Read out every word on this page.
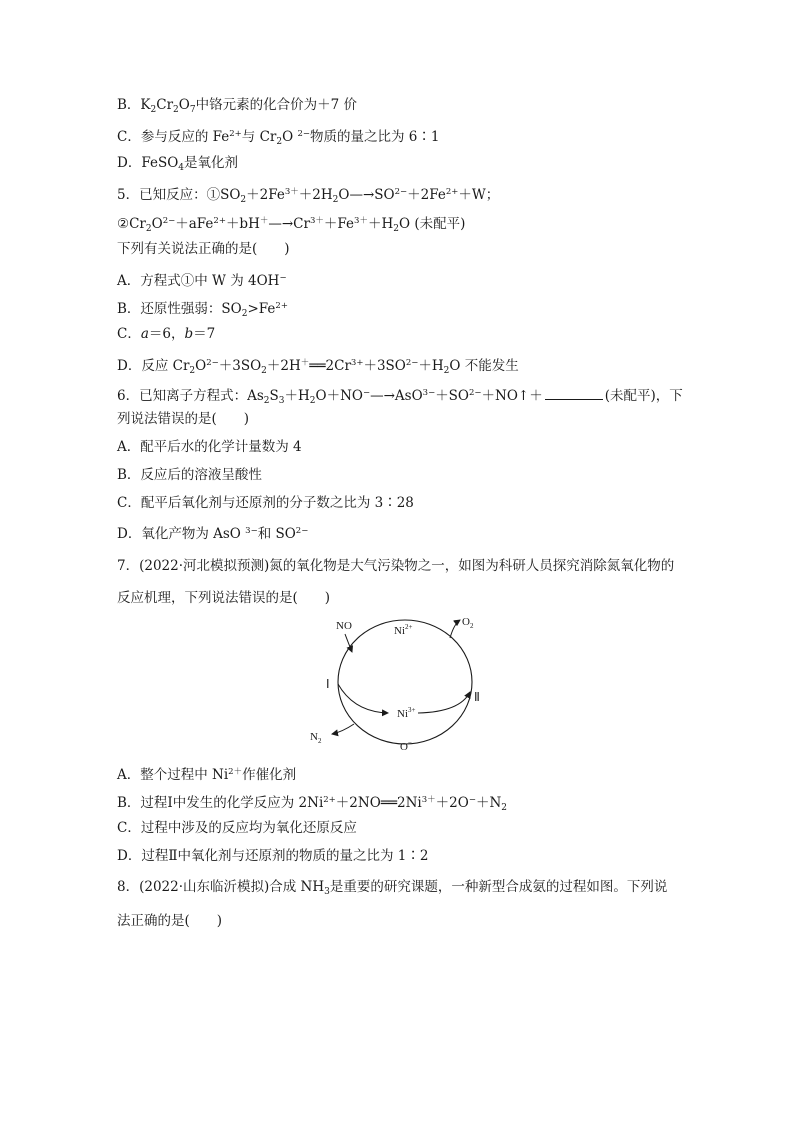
B．$K_2Cr_2O_7$中铬元素的化合价为＋7 价
C．参与反应的 $Fe^{2+}$与 $Cr_2O$ $^{2-}$物质的量之比为 6∶1
D．FeSO$_4$是氧化剂
5．已知反应：$①SO_2+2Fe^{3+}+2H_2O—\to SO^{2-}+2Fe^{2+}+W$；
$②Cr_2O^{2-}+aFe^{2+}+bH^+—\to Cr^{3+}+Fe^{3+}+H_2O$ (未配平)
下列有关说法正确的是(　　)
A．方程式①中 W 为 4OH−
B．还原性强弱：$SO_2>Fe^{2+}$
C．a＝6，b＝7
D．反应 $Cr_2O^{2-}+3SO_2+2H^+══2Cr^{3+}+3SO^{2-}+H_2O$ 不能发生
6．已知离子方程式：$As_2S_3+H_2O+NO^-—\to AsO^{3-}+SO^{2-}+NO↑+$	(未配平)，下
列说法错误的是(　　)
A．配平后水的化学计量数为 4
B．反应后的溶液呈酸性
C．配平后氧化剂与还原剂的分子数之比为 3∶28
D．氧化产物为 AsO $^{3-}$和 $SO^{2-}$
7．(2022·河北模拟预测)氮的氧化物是大气污染物之一，如图为科研人员探究消除氮氧化物的
反应机理，下列说法错误的是(　　)
NO	$Ni^{2+}$	$O_2$
Ⅰ
Ⅱ
$Ni^{3+}$
$N_2$	O−
A．整个过程中 $Ni^{2+}$作催化剂
B．过程Ⅰ中发生的化学反应为 $2Ni^{2+}+2NO══2Ni^{3+}+2O^-+N_2$
C．过程中涉及的反应均为氧化还原反应
D．过程Ⅱ中氧化剂与还原剂的物质的量之比为 1∶2
8．(2022·山东临沂模拟)合成 $NH_3$是重要的研究课题，一种新型合成氨的过程如图。下列说
法正确的是(　　)
